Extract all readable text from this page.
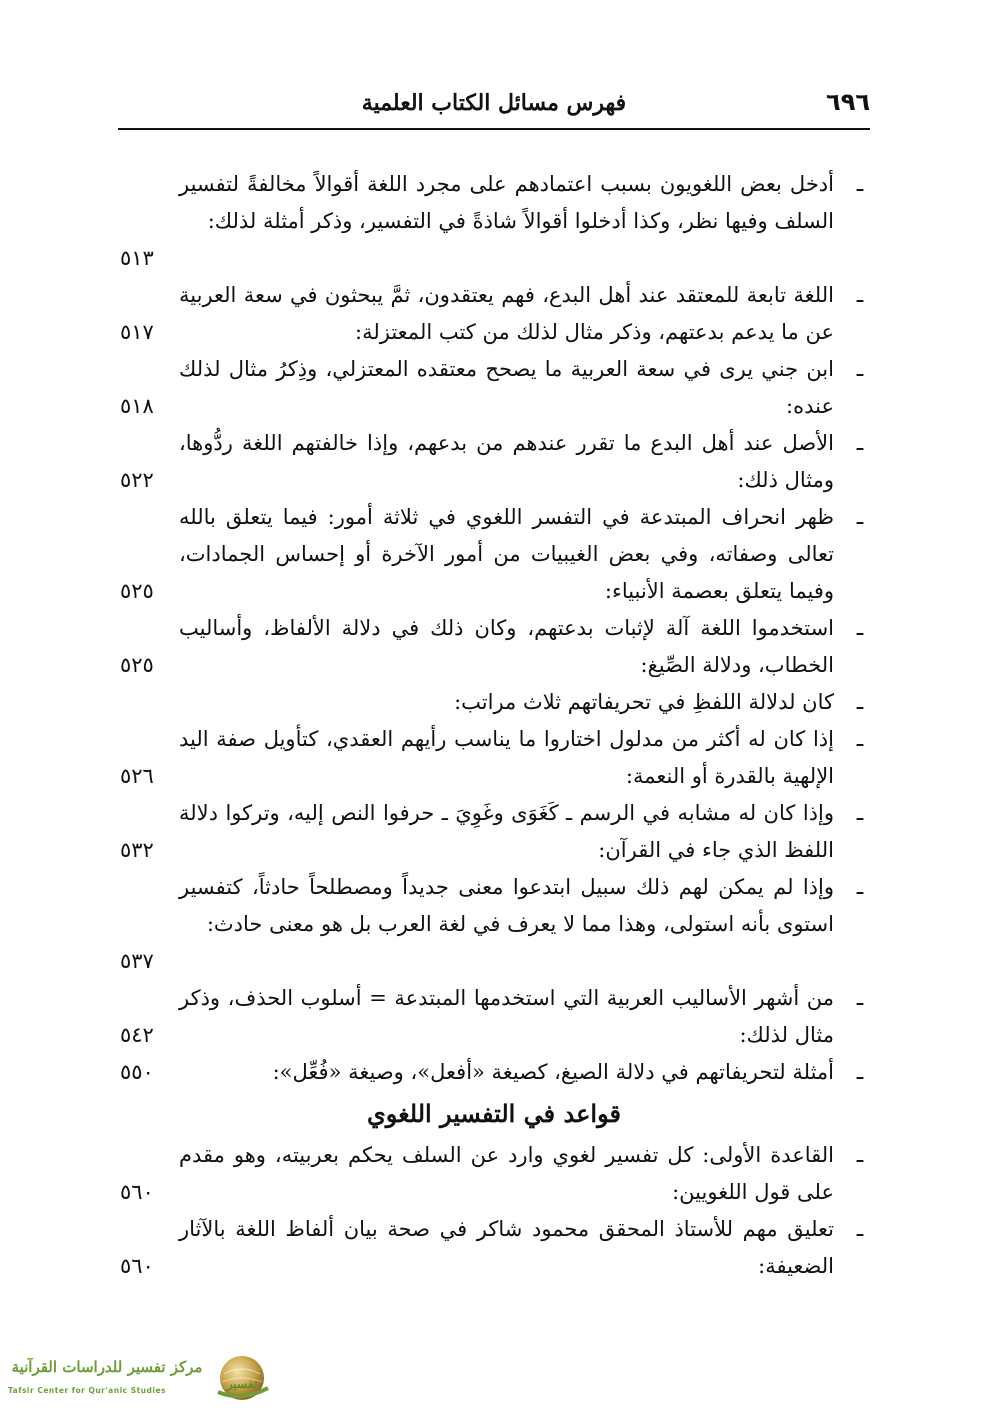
٦٩٦
فهرس مسائل الكتاب العلمية
ـ
أدخل بعض اللغويون بسبب اعتمادهم على مجرد اللغة أقوالاً مخالفةً لتفسير السلف وفيها نظر، وكذا أدخلوا أقوالاً شاذةً في التفسير، وذكر أمثلة لذلك:
٥١٣
ـ
اللغة تابعة للمعتقد عند أهل البدع، فهم يعتقدون، ثمَّ يبحثون في سعة العربية عن ما يدعم بدعتهم، وذكر مثال لذلك من كتب المعتزلة:
٥١٧
ـ
ابن جني يرى في سعة العربية ما يصحح معتقده المعتزلي، وذِكرُ مثال لذلك عنده:
٥١٨
ـ
الأصل عند أهل البدع ما تقرر عندهم من بدعهم، وإذا خالفتهم اللغة ردُّوها، ومثال ذلك:
٥٢٢
ـ
ظهر انحراف المبتدعة في التفسر اللغوي في ثلاثة أمور: فيما يتعلق بالله تعالى وصفاته، وفي بعض الغيبيات من أمور الآخرة أو إحساس الجمادات، وفيما يتعلق بعصمة الأنبياء:
٥٢٥
ـ
استخدموا اللغة آلة لإثبات بدعتهم، وكان ذلك في دلالة الألفاظ، وأساليب الخطاب، ودلالة الصِّيغ:
٥٢٥
ـ
كان لدلالة اللفظِ في تحريفاتهم ثلاث مراتب:
ـ
إذا كان له أكثر من مدلول اختاروا ما يناسب رأيهم العقدي، كتأويل صفة اليد الإلهية بالقدرة أو النعمة:
٥٢٦
ـ
وإذا كان له مشابه في الرسم ـ كَغَوَى وغَوِيَ ـ حرفوا النص إليه، وتركوا دلالة اللفظ الذي جاء في القرآن:
٥٣٢
ـ
وإذا لم يمكن لهم ذلك سبيل ابتدعوا معنى جديداً ومصطلحاً حادثاً، كتفسير استوى بأنه استولى، وهذا مما لا يعرف في لغة العرب بل هو معنى حادث:
٥٣٧
ـ
من أشهر الأساليب العربية التي استخدمها المبتدعة = أسلوب الحذف، وذكر مثال لذلك:
٥٤٢
ـ
أمثلة لتحريفاتهم في دلالة الصيغ، كصيغة «أفعل»، وصيغة «فُعِّل»:
٥٥٠
قواعد في التفسير اللغوي
ـ
القاعدة الأولى: كل تفسير لغوي وارد عن السلف يحكم بعربيته، وهو مقدم على قول اللغويين:
٥٦٠
ـ
تعليق مهم للأستاذ المحقق محمود شاكر في صحة بيان ألفاظ اللغة بالآثار الضعيفة:
٥٦٠
مركز تفسير للدراسات القرآنية
Tafsir Center for Qur'anic Studies	تفسير
